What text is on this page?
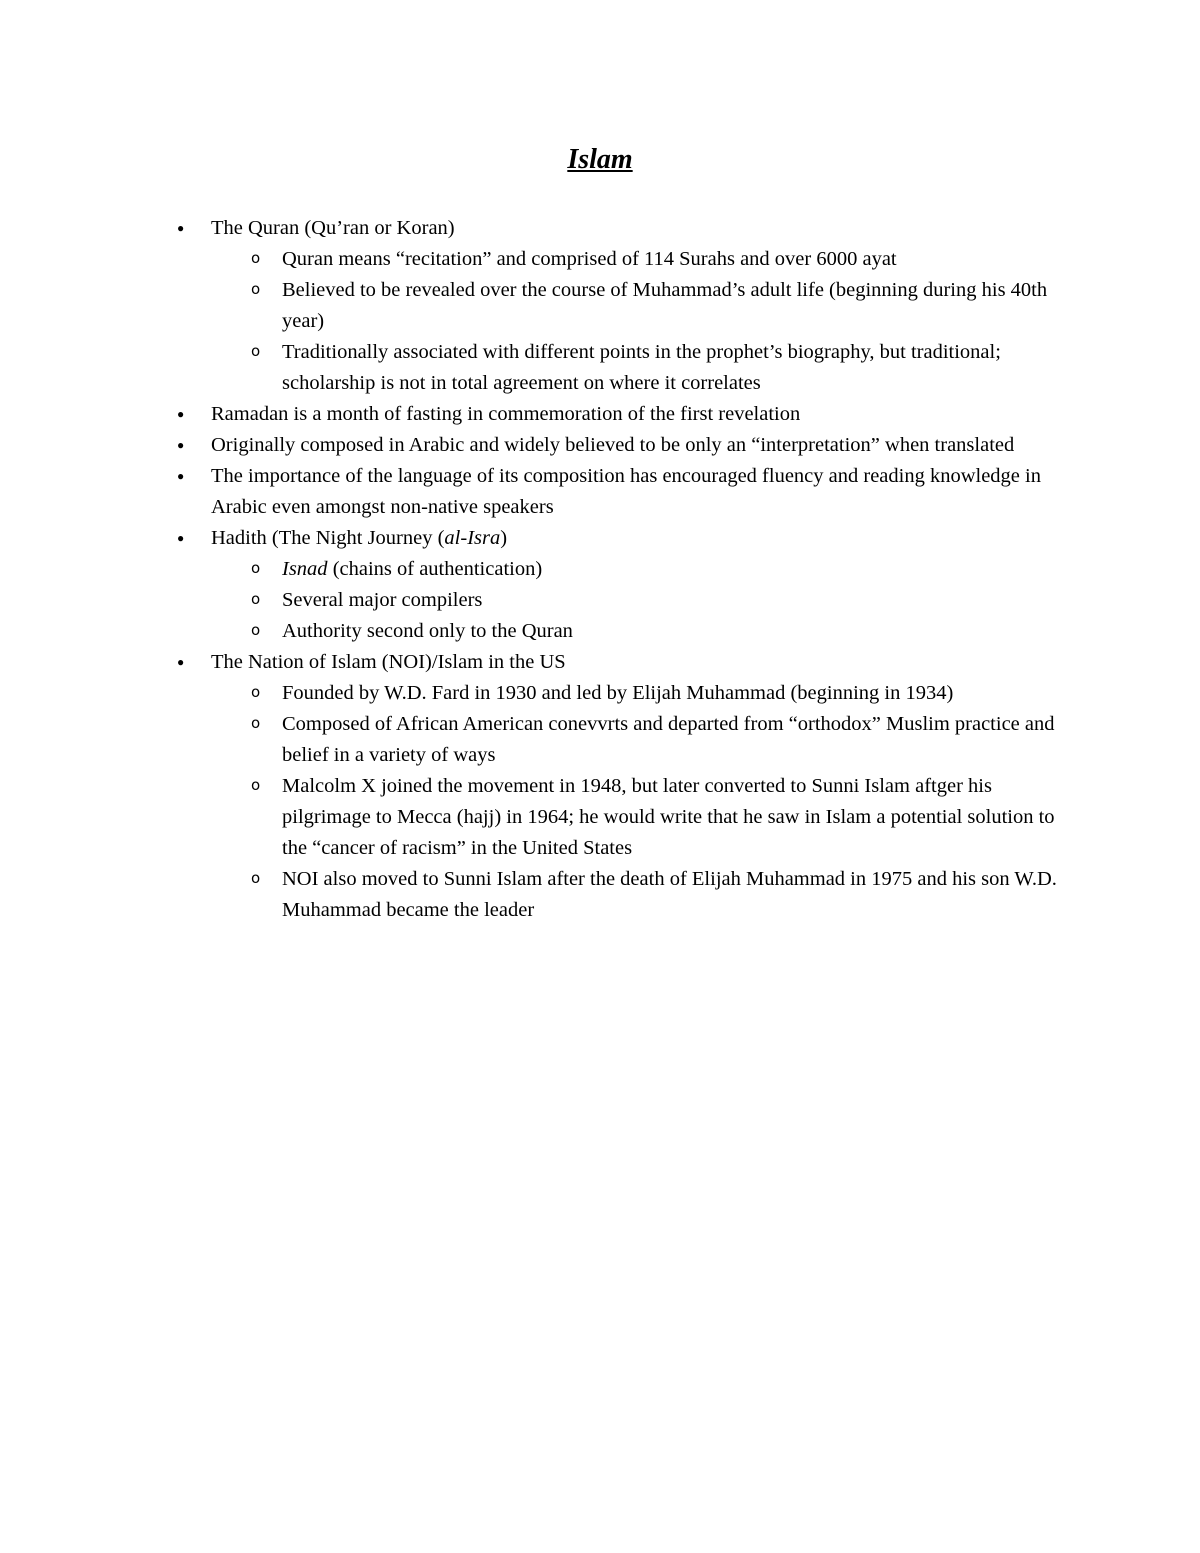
Islam
● The Quran (Qu’ran or Koran)
o Quran means “recitation” and comprised of 114 Surahs and over 6000 ayat
o Believed to be revealed over the course of Muhammad’s adult life (beginning during his 40th year)
o Traditionally associated with different points in the prophet’s biography, but traditional; scholarship is not in total agreement on where it correlates
● Ramadan is a month of fasting in commemoration of the first revelation
● Originally composed in Arabic and widely believed to be only an “interpretation” when translated
● The importance of the language of its composition has encouraged fluency and reading knowledge in Arabic even amongst non-native speakers
● Hadith (The Night Journey (al-Isra)
o Isnad (chains of authentication)
o Several major compilers
o Authority second only to the Quran
● The Nation of Islam (NOI)/Islam in the US
o Founded by W.D. Fard in 1930 and led by Elijah Muhammad (beginning in 1934)
o Composed of African American conevvrts and departed from “orthodox” Muslim practice and belief in a variety of ways
o Malcolm X joined the movement in 1948, but later converted to Sunni Islam aftger his pilgrimage to Mecca (hajj) in 1964; he would write that he saw in Islam a potential solution to the “cancer of racism” in the United States
o NOI also moved to Sunni Islam after the death of Elijah Muhammad in 1975 and his son W.D. Muhammad became the leader
